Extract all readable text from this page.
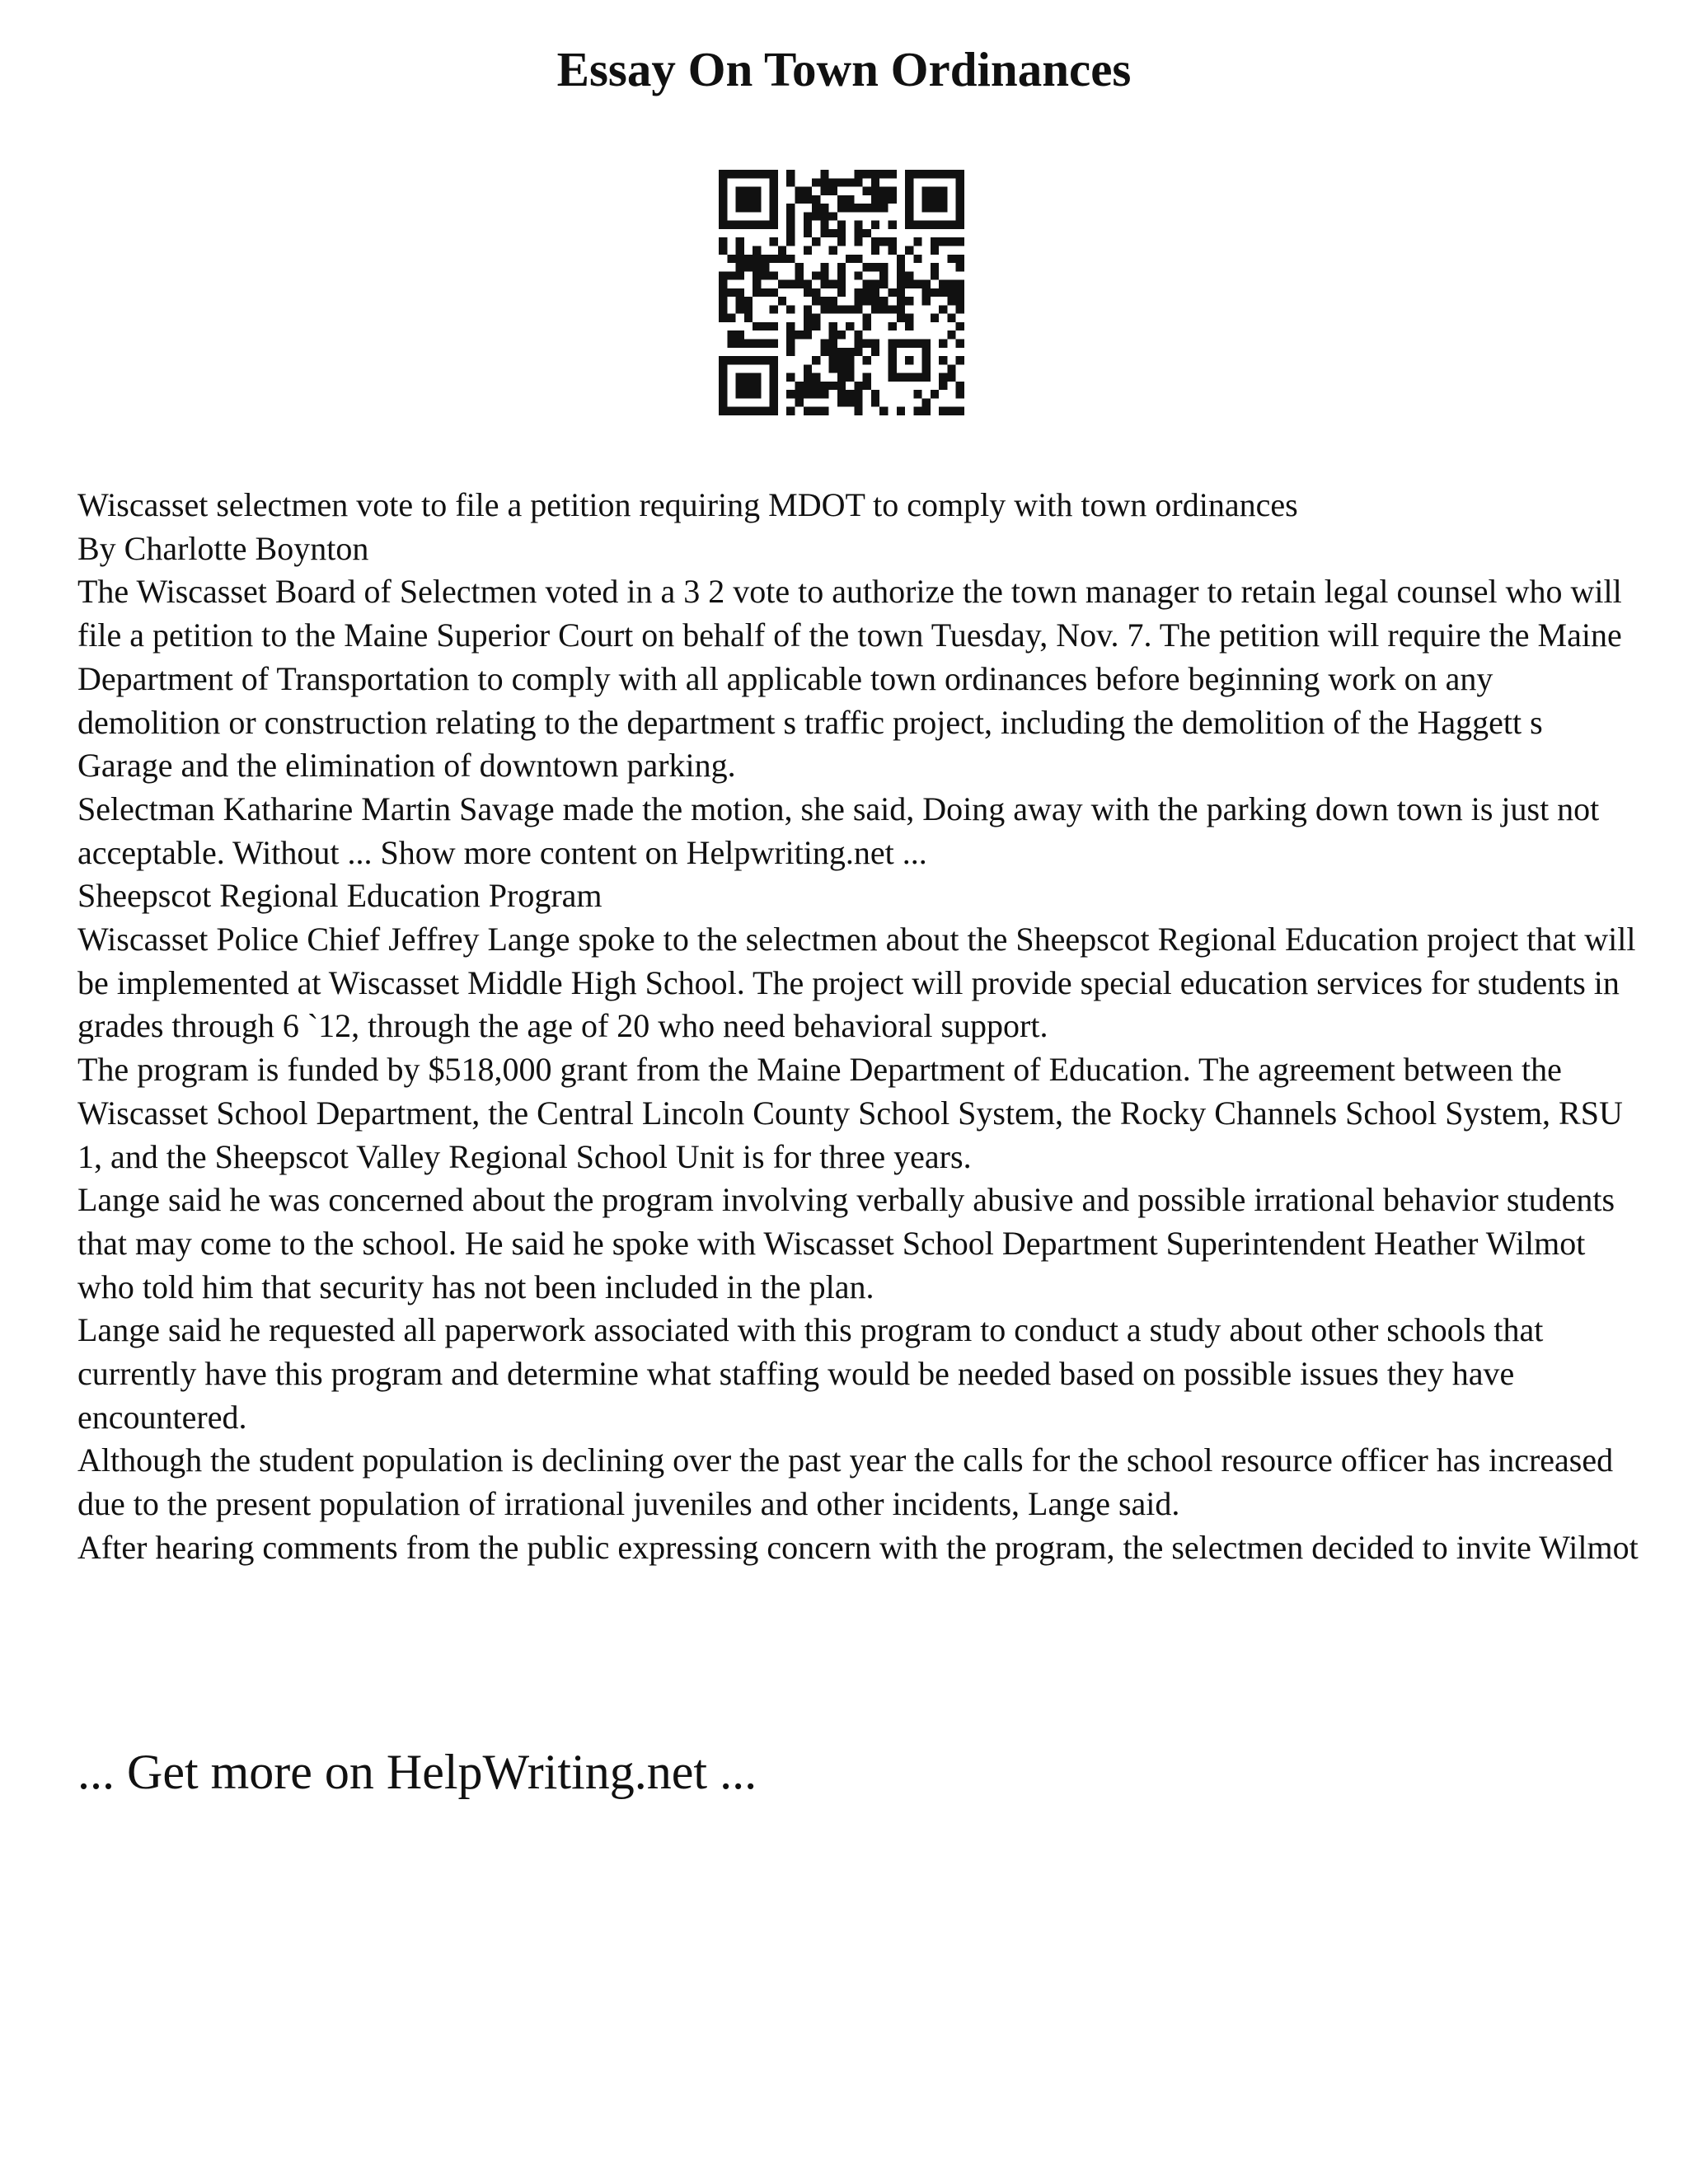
Essay On Town Ordinances

Wiscasset selectmen vote to file a petition requiring MDOT to comply with town ordinances

By Charlotte Boynton

The Wiscasset Board of Selectmen voted in a 3 2 vote to authorize the town manager to retain legal counsel who will file a petition to the Maine Superior Court on behalf of the town Tuesday, Nov. 7. The petition will require the Maine Department of Transportation to comply with all applicable town ordinances before beginning work on any demolition or construction relating to the department s traffic project, including the demolition of the Haggett s Garage and the elimination of downtown parking.

Selectman Katharine Martin Savage made the motion, she said, Doing away with the parking down town is just not acceptable. Without ... Show more content on Helpwriting.net ...

Sheepscot Regional Education Program

Wiscasset Police Chief Jeffrey Lange spoke to the selectmen about the Sheepscot Regional Education project that will be implemented at Wiscasset Middle High School. The project will provide special education services for students in grades through 6 `12, through the age of 20 who need behavioral support.

The program is funded by $518,000 grant from the Maine Department of Education. The agreement between the Wiscasset School Department, the Central Lincoln County School System, the Rocky Channels School System, RSU 1, and the Sheepscot Valley Regional School Unit is for three years.

Lange said he was concerned about the program involving verbally abusive and possible irrational behavior students that may come to the school. He said he spoke with Wiscasset School Department Superintendent Heather Wilmot who told him that security has not been included in the plan.

Lange said he requested all paperwork associated with this program to conduct a study about other schools that currently have this program and determine what staffing would be needed based on possible issues they have encountered.

Although the student population is declining over the past year the calls for the school resource officer has increased due to the present population of irrational juveniles and other incidents, Lange said.

After hearing comments from the public expressing concern with the program, the selectmen decided to invite Wilmot

... Get more on HelpWriting.net ...
